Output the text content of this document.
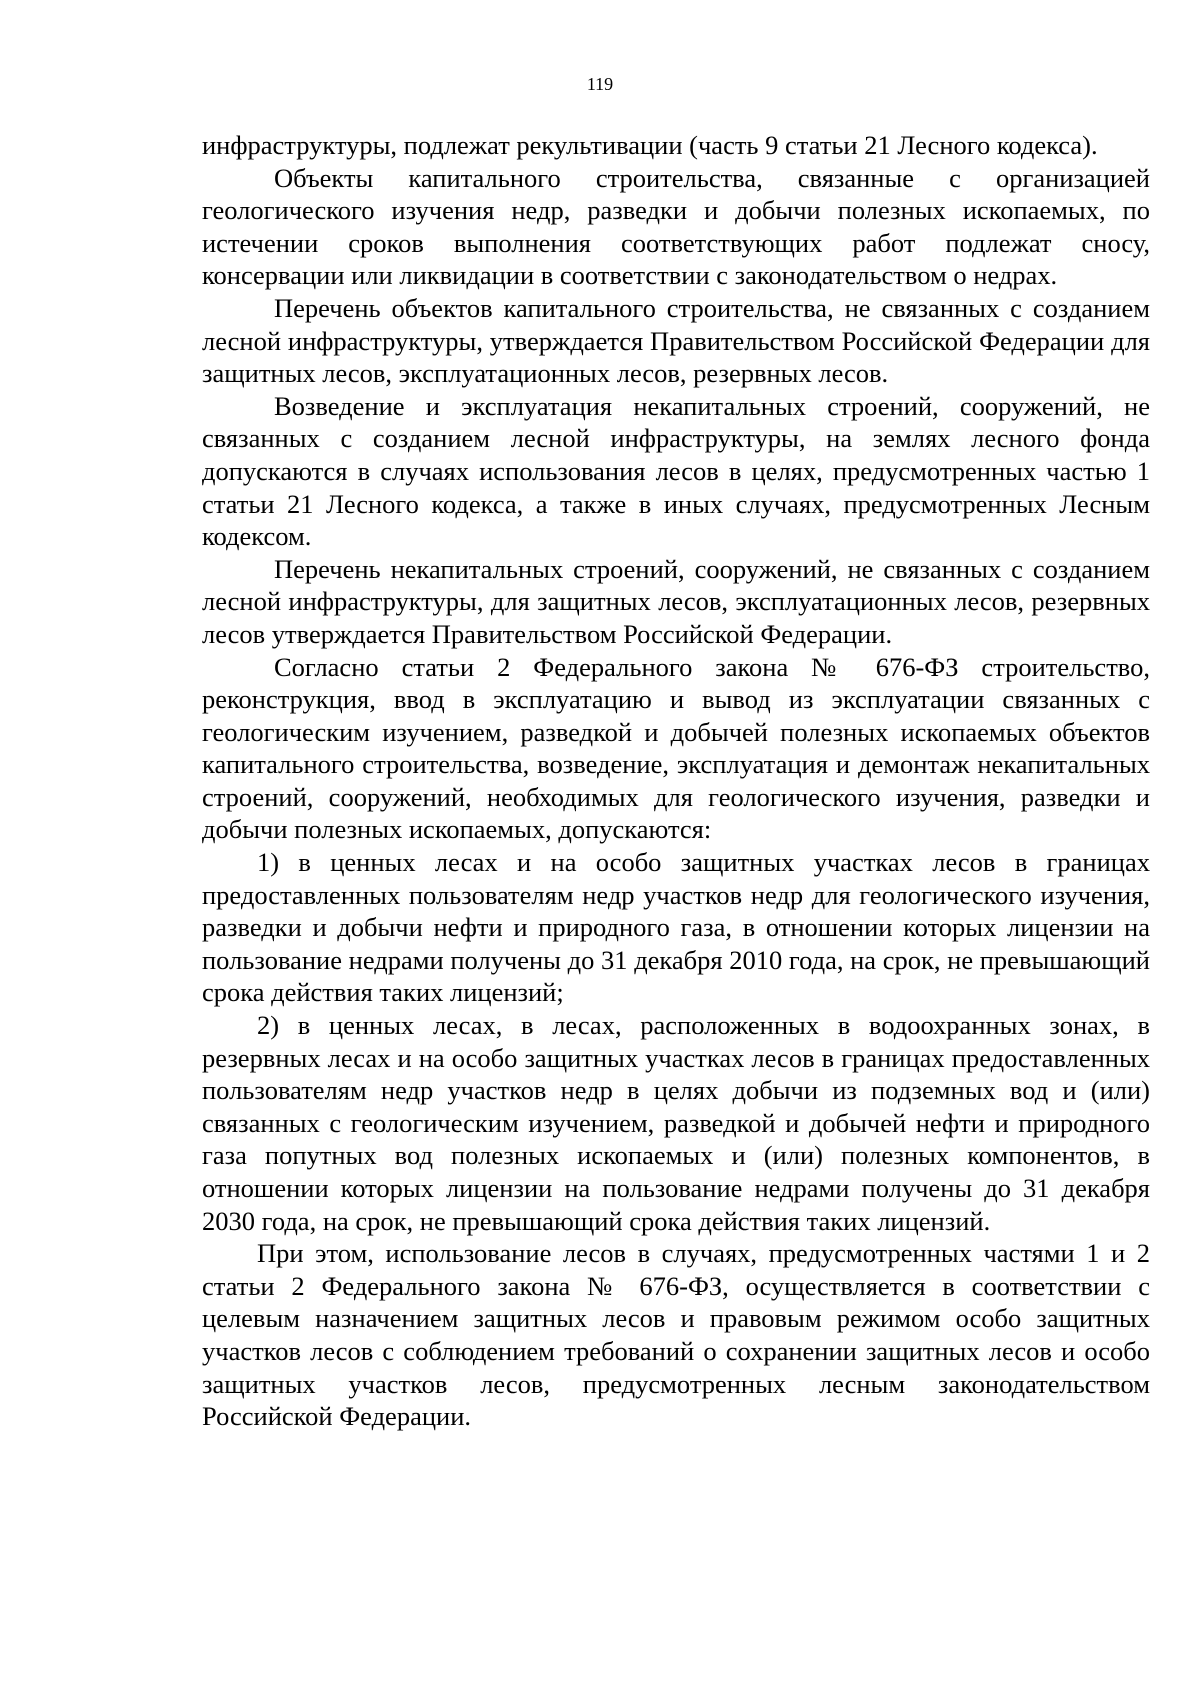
119

инфраструктуры, подлежат рекультивации (часть 9 статьи 21 Лесного кодекса).

Объекты капитального строительства, связанные с организацией геологического изучения недр, разведки и добычи полезных ископаемых, по истечении сроков выполнения соответствующих работ подлежат сносу, консервации или ликвидации в соответствии с законодательством о недрах.

Перечень объектов капитального строительства, не связанных с созданием лесной инфраструктуры, утверждается Правительством Российской Федерации для защитных лесов, эксплуатационных лесов, резервных лесов.

Возведение и эксплуатация некапитальных строений, сооружений, не связанных с созданием лесной инфраструктуры, на землях лесного фонда допускаются в случаях использования лесов в целях, предусмотренных частью 1 статьи 21 Лесного кодекса, а также в иных случаях, предусмотренных Лесным кодексом.

Перечень некапитальных строений, сооружений, не связанных с созданием лесной инфраструктуры, для защитных лесов, эксплуатационных лесов, резервных лесов утверждается Правительством Российской Федерации.

Согласно статьи 2 Федерального закона № 676-ФЗ строительство, реконструкция, ввод в эксплуатацию и вывод из эксплуатации связанных с геологическим изучением, разведкой и добычей полезных ископаемых объектов капитального строительства, возведение, эксплуатация и демонтаж некапитальных строений, сооружений, необходимых для геологического изучения, разведки и добычи полезных ископаемых, допускаются:

1) в ценных лесах и на особо защитных участках лесов в границах предоставленных пользователям недр участков недр для геологического изучения, разведки и добычи нефти и природного газа, в отношении которых лицензии на пользование недрами получены до 31 декабря 2010 года, на срок, не превышающий срока действия таких лицензий;

2) в ценных лесах, в лесах, расположенных в водоохранных зонах, в резервных лесах и на особо защитных участках лесов в границах предоставленных пользователям недр участков недр в целях добычи из подземных вод и (или) связанных с геологическим изучением, разведкой и добычей нефти и природного газа попутных вод полезных ископаемых и (или) полезных компонентов, в отношении которых лицензии на пользование недрами получены до 31 декабря 2030 года, на срок, не превышающий срока действия таких лицензий.

При этом, использование лесов в случаях, предусмотренных частями 1 и 2 статьи 2 Федерального закона № 676-ФЗ, осуществляется в соответствии с целевым назначением защитных лесов и правовым режимом особо защитных участков лесов с соблюдением требований о сохранении защитных лесов и особо защитных участков лесов, предусмотренных лесным законодательством Российской Федерации.
